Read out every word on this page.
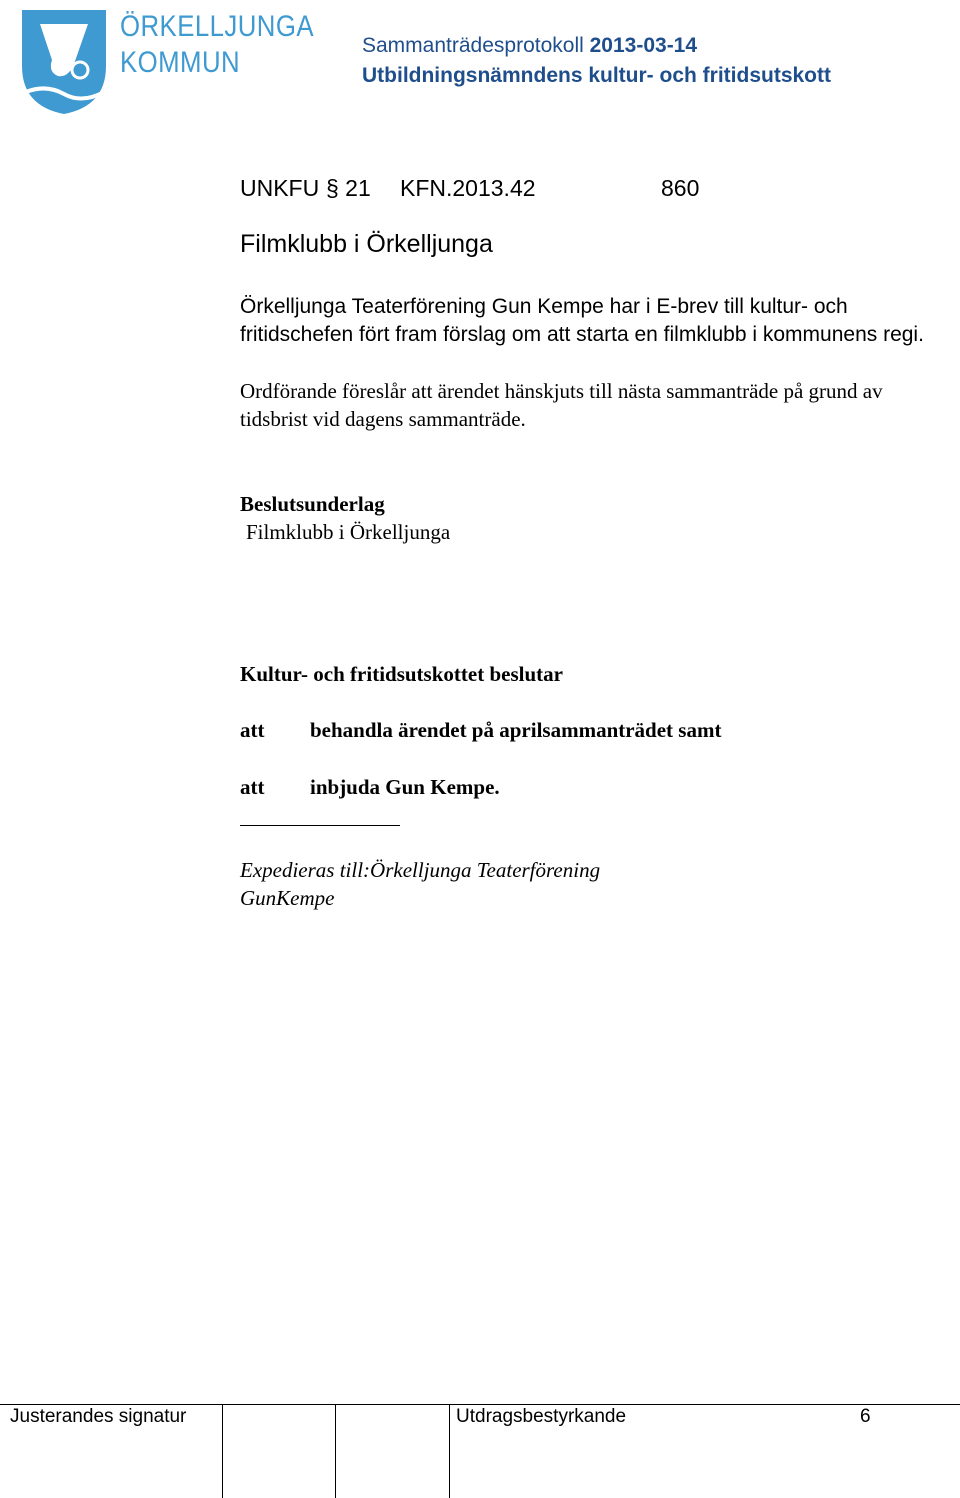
ÖRKELLJUNGA
KOMMUN
Sammanträdesprotokoll 2013-03-14
Utbildningsnämndens kultur- och fritidsutskott
UNKFU § 21 KFN.2013.42	860
Filmklubb i Örkelljunga
Örkelljunga Teaterförening Gun Kempe har i E-brev till kultur- och fritidschefen fört fram förslag om att starta en filmklubb i kommunens regi.
Ordförande föreslår att ärendet hänskjuts till nästa sammanträde på grund av tidsbrist vid dagens sammanträde.
Beslutsunderlag
Filmklubb i Örkelljunga
Kultur- och fritidsutskottet beslutar
att behandla ärendet på aprilsammanträdet samt
att inbjuda Gun Kempe.
Expedieras till:Örkelljunga Teaterförening
GunKempe
Justerandes signatur	Utdragsbestyrkande	6
